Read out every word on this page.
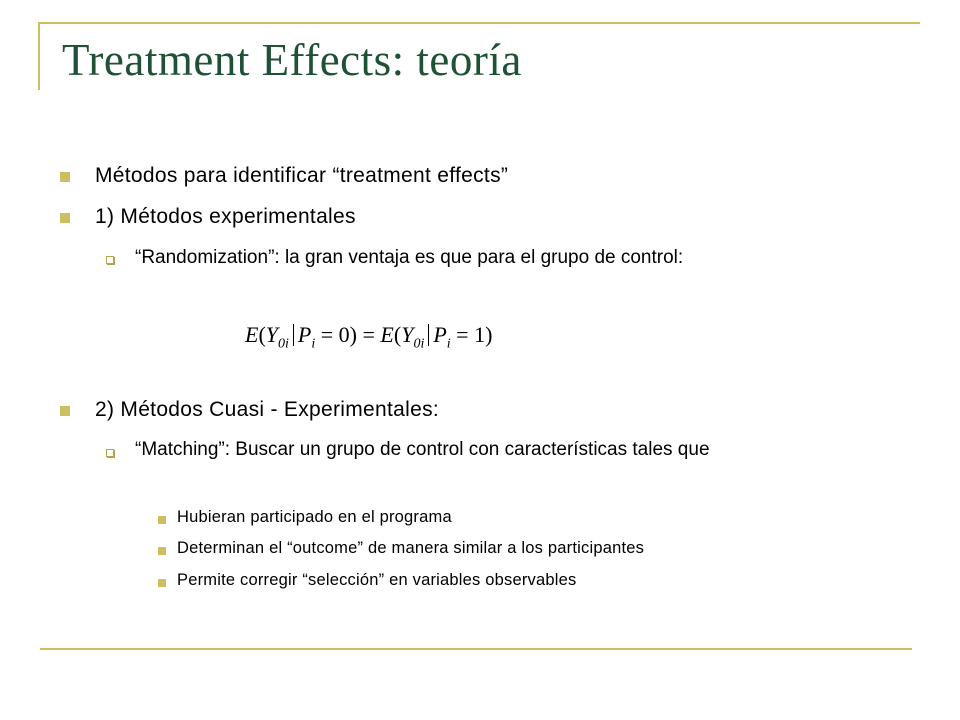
Treatment Effects: teoría
Métodos para identificar “treatment effects”
1) Métodos experimentales
“Randomization”: la gran ventaja es que para el grupo de control:
$E(Y_{0i}$ $P_i = 0) = E(Y_{0i}$ $P_i = 1$)
2) Métodos Cuasi - Experimentales:
“Matching”: Buscar un grupo de control con características tales que
Hubieran participado en el programa
Determinan el “outcome” de manera similar a los participantes
Permite corregir “selección” en variables observables
